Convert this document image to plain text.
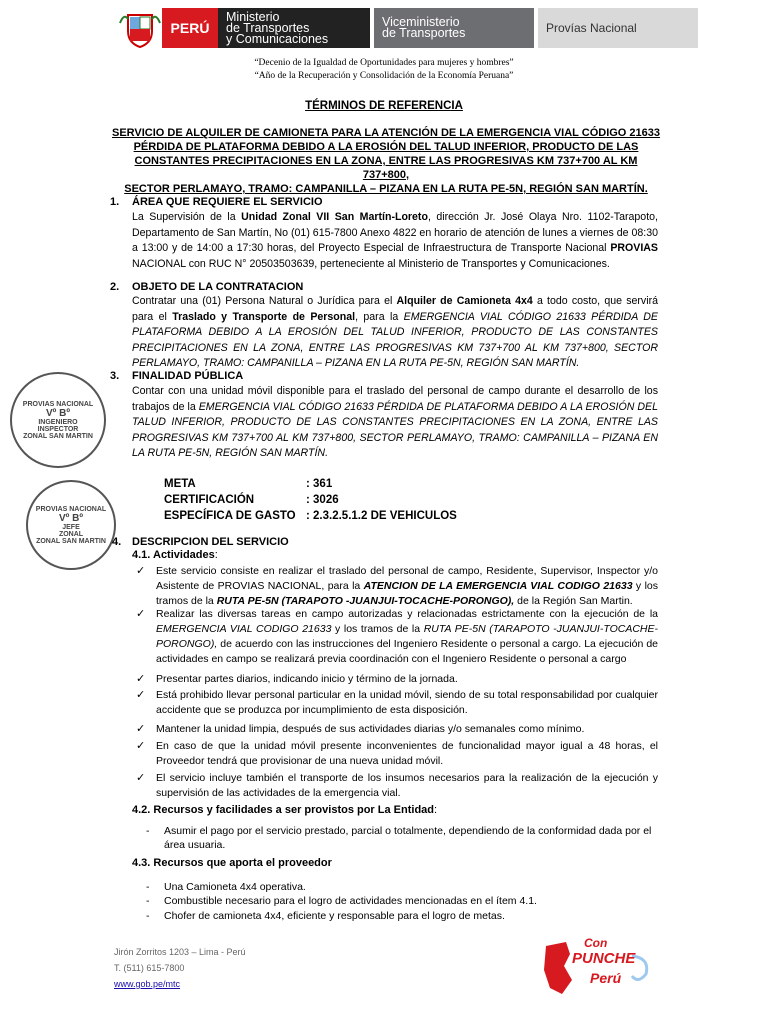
PERÚ
Ministerio
de Transportes
y Comunicaciones
Viceministerio
de Transportes	Provías Nacional
“Decenio de la Igualdad de Oportunidades para mujeres y hombres”
“Año de la Recuperación y Consolidación de la Economía Peruana”
TÉRMINOS DE REFERENCIA
SERVICIO DE ALQUILER DE CAMIONETA PARA LA ATENCIÓN DE LA EMERGENCIA VIAL CÓDIGO 21633
PÉRDIDA DE PLATAFORMA DEBIDO A LA EROSIÓN DEL TALUD INFERIOR, PRODUCTO DE LAS
CONSTANTES PRECIPITACIONES EN LA ZONA, ENTRE LAS PROGRESIVAS KM 737+700 AL KM 737+800,
SECTOR PERLAMAYO, TRAMO: CAMPANILLA – PIZANA EN LA RUTA PE-5N, REGIÓN SAN MARTÍN.
1. ÁREA QUE REQUIERE EL SERVICIO
La Supervisión de la Unidad Zonal VII San Martín-Loreto, dirección Jr. José Olaya Nro. 1102-Tarapoto, Departamento de San Martín, No (01) 615-7800 Anexo 4822 en horario de atención de lunes a viernes de 08:30 a 13:00 y de 14:00 a 17:30 horas, del Proyecto Especial de Infraestructura de Transporte Nacional PROVIAS NACIONAL con RUC N° 20503503639, perteneciente al Ministerio de Transportes y Comunicaciones.
2. OBJETO DE LA CONTRATACION
Contratar una (01) Persona Natural o Jurídica para el Alquiler de Camioneta 4x4 a todo costo, que servirá para el Traslado y Transporte de Personal, para la EMERGENCIA VIAL CÓDIGO 21633 PÉRDIDA DE PLATAFORMA DEBIDO A LA EROSIÓN DEL TALUD INFERIOR, PRODUCTO DE LAS CONSTANTES PRECIPITACIONES EN LA ZONA, ENTRE LAS PROGRESIVAS KM 737+700 AL KM 737+800, SECTOR PERLAMAYO, TRAMO: CAMPANILLA – PIZANA EN LA RUTA PE-5N, REGIÓN SAN MARTÍN.
3. FINALIDAD PÚBLICA
Contar con una unidad móvil disponible para el traslado del personal de campo durante el desarrollo de los trabajos de la EMERGENCIA VIAL CÓDIGO 21633 PÉRDIDA DE PLATAFORMA DEBIDO A LA EROSIÓN DEL TALUD INFERIOR, PRODUCTO DE LAS CONSTANTES PRECIPITACIONES EN LA ZONA, ENTRE LAS PROGRESIVAS KM 737+700 AL KM 737+800, SECTOR PERLAMAYO, TRAMO: CAMPANILLA – PIZANA EN LA RUTA PE-5N, REGIÓN SAN MARTÍN.
PROVIAS NACIONAL
Vº Bº
INGENIERO
INSPECTOR
ZONAL SAN MARTIN
PROVIAS NACIONAL
Vº Bº
JEFE
ZONAL
ZONAL SAN MARTIN
META	: 361
CERTIFICACIÓN	: 3026
ESPECÍFICA DE GASTO : 2.3.2.5.1.2 DE VEHICULOS
4. DESCRIPCION DEL SERVICIO
4.1. Actividades:
✓ Este servicio consiste en realizar el traslado del personal de campo, Residente, Supervisor, Inspector y/o Asistente de PROVIAS NACIONAL, para la ATENCION DE LA EMERGENCIA VIAL CODIGO 21633 y los tramos de la RUTA PE-5N (TARAPOTO -JUANJUI-TOCACHE-PORONGO), de la Región San Martin.
✓ Realizar las diversas tareas en campo autorizadas y relacionadas estrictamente con la ejecución de la EMERGENCIA VIAL CODIGO 21633 y los tramos de la RUTA PE-5N (TARAPOTO -JUANJUI-TOCACHE-PORONGO), de acuerdo con las instrucciones del Ingeniero Residente o personal a cargo. La ejecución de actividades en campo se realizará previa coordinación con el Ingeniero Residente o personal a cargo
✓ Presentar partes diarios, indicando inicio y término de la jornada.
✓ Está prohibido llevar personal particular en la unidad móvil, siendo de su total responsabilidad por cualquier accidente que se produzca por incumplimiento de esta disposición.
✓ Mantener la unidad limpia, después de sus actividades diarias y/o semanales como mínimo.
✓ En caso de que la unidad móvil presente inconvenientes de funcionalidad mayor igual a 48 horas, el Proveedor tendrá que provisionar de una nueva unidad móvil.
✓ El servicio incluye también el transporte de los insumos necesarios para la realización de la ejecución y supervisión de las actividades de la emergencia vial.
4.2. Recursos y facilidades a ser provistos por La Entidad:
- Asumir el pago por el servicio prestado, parcial o totalmente, dependiendo de la conformidad dada por el área usuaria.
4.3. Recursos que aporta el proveedor
- Una Camioneta 4x4 operativa.
- Combustible necesario para el logro de actividades mencionadas en el ítem 4.1.
- Chofer de camioneta 4x4, eficiente y responsable para el logro de metas.
Jirón Zorritos 1203 – Lima - Perú
T. (511) 615-7800
www.gob.pe/mtc
Con
PUNCHE
Perú
